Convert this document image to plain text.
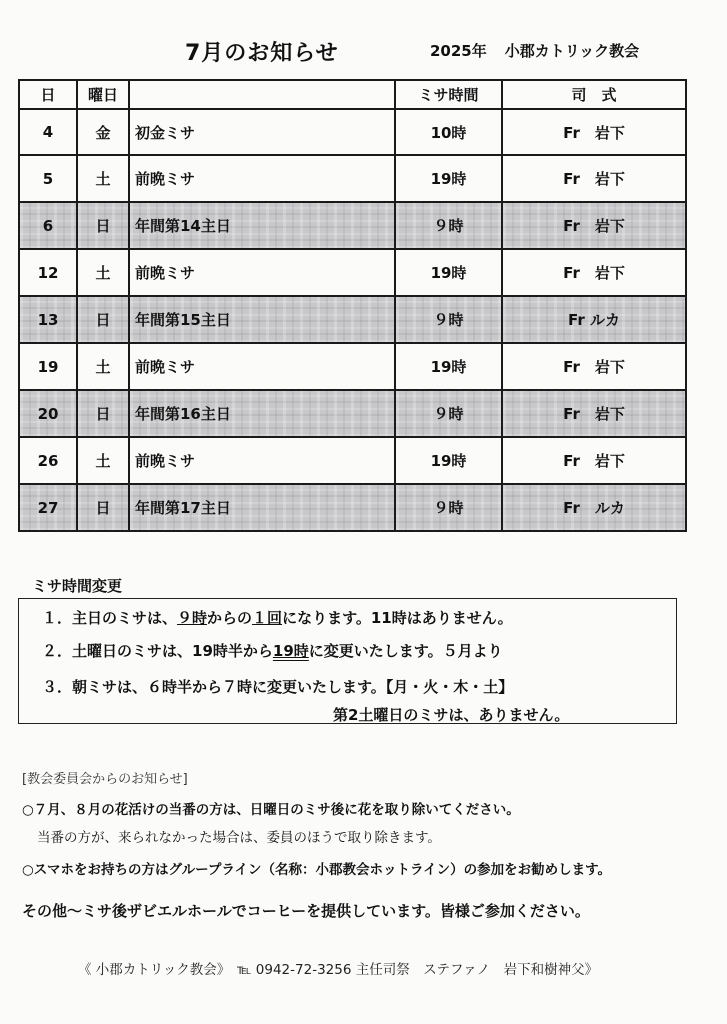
7月のお知らせ	2025年 小郡カトリック教会
日	曜日		ミサ時間	司　式
4	金	初金ミサ	10時	Fr　岩下
5	土	前晩ミサ	19時	Fr　岩下
6	日	年間第14主日	９時	Fr　岩下
12	土	前晩ミサ	19時	Fr　岩下
13	日	年間第15主日	９時	Fr ルカ
19	土	前晩ミサ	19時	Fr　岩下
20	日	年間第16主日	９時	Fr　岩下
26	土	前晩ミサ	19時	Fr　岩下
27	日	年間第17主日	９時	Fr　ルカ
ミサ時間変更
１．主日のミサは、９時からの１回になります。11時はありません。
２．土曜日のミサは、19時半から19時に変更いたします。５月より
３．朝ミサは、６時半から７時に変更いたします。【月・火・木・土】
第2土曜日のミサは、ありません。
[教会委員会からのお知らせ]
○７月、８月の花活けの当番の方は、日曜日のミサ後に花を取り除いてください。
当番の方が、来られなかった場合は、委員のほうで取り除きます。
○スマホをお持ちの方はグループライン（名称：小郡教会ホットライン）の参加をお勧めします。
その他～ミサ後ザビエルホールでコーヒーを提供しています。皆様ご参加ください。
《 小郡カトリック教会》　℡ 0942-72-3256 主任司祭　ステファノ　岩下和樹神父》
